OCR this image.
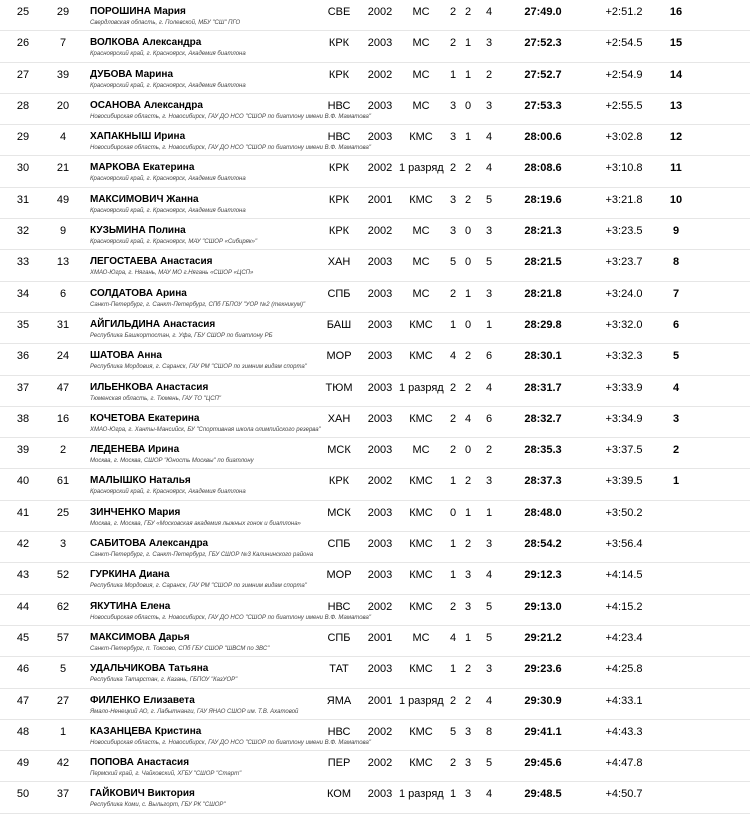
25	29	ПОРОШИНА Мария
Свердловская область, г. Полевской, МБУ "СШ" ПГО
СВЕ	2002	МС	2 2 4	27:49.0	+2:51.2	16
26	7	ВОЛКОВА Александра
Красноярский край, г. Красноярск, Академия биатлона
КРК	2003	МС	2 1 3	27:52.3	+2:54.5	15
27	39	ДУБОВА Марина
Красноярский край, г. Красноярск, Академия биатлона
КРК	2002	МС	1 1 2	27:52.7	+2:54.9	14
28	20	ОСАНОВА Александра
Новосибирская область, г. Новосибирск, ГАУ ДО НСО "СШОР по биатлону имени В.Ф. Маматова"
НВС	2003	МС	3 0 3	27:53.3	+2:55.5	13
29	4	ХАПАКНЫШ Ирина
Новосибирская область, г. Новосибирск, ГАУ ДО НСО "СШОР по биатлону имени В.Ф. Маматова"
НВС	2003	КМС	3 1 4	28:00.6	+3:02.8	12
30	21	МАРКОВА Екатерина
Красноярский край, г. Красноярск, Академия биатлона
КРК	2002 1 разряд 2 2 4	28:08.6	+3:10.8	11
31	49	МАКСИМОВИЧ Жанна
Красноярский край, г. Красноярск, Академия биатлона
КРК	2001	КМС	3 2 5	28:19.6	+3:21.8	10
32	9	КУЗЬМИНА Полина
Красноярский край, г. Красноярск, МАУ "СШОР «Сибиряк»"
КРК	2002	МС	3 0 3	28:21.3	+3:23.5	9
33	13	ЛЕГОСТАЕВА Анастасия
ХМАО-Югра, г. Нягань, МАУ МО г.Нягань «СШОР «ЦСП»
ХАН	2003	МС	5 0 5	28:21.5	+3:23.7	8
34	6	СОЛДАТОВА Арина
Санкт-Петербург, г. Санкт-Петербург, СПб ГБПОУ "УОР №2 (техникум)"
СПБ	2003	МС	2 1 3	28:21.8	+3:24.0	7
35	31	АЙГИЛЬДИНА Анастасия
Республика Башкортостан, г. Уфа, ГБУ СШОР по биатлону РБ
БАШ	2003	КМС	1 0 1	28:29.8	+3:32.0	6
36	24	ШАТОВА Анна
Республика Мордовия, г. Саранск, ГАУ РМ "СШОР по зимним видам спорта"
МОР	2003	КМС	4 2 6	28:30.1	+3:32.3	5
37	47	ИЛЬЕНКОВА Анастасия
Тюменская область, г. Тюмень, ГАУ ТО "ЦСП"
ТЮМ	2003 1 разряд 2 2 4	28:31.7	+3:33.9	4
38	16	КОЧЕТОВА Екатерина
ХМАО-Югра, г. Ханты-Мансийск, БУ "Спортивная школа олимпийского резерва"
ХАН	2003	КМС	2 4 6	28:32.7	+3:34.9	3
39	2	ЛЕДЕНЕВА Ирина
Москва, г. Москва, СШОР "Юность Москвы" по биатлону
МСК	2003	МС	2 0 2	28:35.3	+3:37.5	2
40	61	МАЛЫШКО Наталья
Красноярский край, г. Красноярск, Академия биатлона
КРК	2002	КМС	1 2 3	28:37.3	+3:39.5	1
41	25	ЗИНЧЕНКО Мария
Москва, г. Москва, ГБУ «Московская академия лыжных гонок и биатлона»
МСК	2003	КМС	0 1 1	28:48.0	+3:50.2
42	3	САБИТОВА Александра
Санкт-Петербург, г. Санкт-Петербург, ГБУ СШОР №3 Калининского района
СПБ	2003	КМС	1 2 3	28:54.2	+3:56.4
43	52	ГУРКИНА Диана
Республика Мордовия, г. Саранск, ГАУ РМ "СШОР по зимним видам спорта"
МОР	2003	КМС	1 3 4	29:12.3	+4:14.5
44	62	ЯКУТИНА Елена
Новосибирская область, г. Новосибирск, ГАУ ДО НСО "СШОР по биатлону имени В.Ф. Маматова"
НВС	2002	КМС	2 3 5	29:13.0	+4:15.2
45	57	МАКСИМОВА Дарья
Санкт-Петербург, п. Токсово, СПб ГБУ СШОР "ШВСМ по ЗВС"
СПБ	2001	МС	4 1 5	29:21.2	+4:23.4
46	5	УДАЛЬЧИКОВА Татьяна
Республика Татарстан, г. Казань, ГБПОУ "КазУОР"
ТАТ	2003	КМС	1 2 3	29:23.6	+4:25.8
47	27	ФИЛЕНКО Елизавета
Ямало-Ненецкий АО, г. Лабытнанги, ГАУ ЯНАО СШОР им. Т.В. Ахатовой
ЯМА	2001 1 разряд 2 2 4	29:30.9	+4:33.1
48	1	КАЗАНЦЕВА Кристина
Новосибирская область, г. Новосибирск, ГАУ ДО НСО "СШОР по биатлону имени В.Ф. Маматова"
НВС	2002	КМС	5 3 8	29:41.1	+4:43.3
49	42	ПОПОВА Анастасия
Пермский край, г. Чайковский, ХГБУ "СШОР "Старт"
ПЕР	2002	КМС	2 3 5	29:45.6	+4:47.8
50	37	ГАЙКОВИЧ Виктория
Республика Коми, с. Выльгорт, ГБУ РК "СШОР"
КОМ	2003 1 разряд 1 3 4	29:48.5	+4:50.7
